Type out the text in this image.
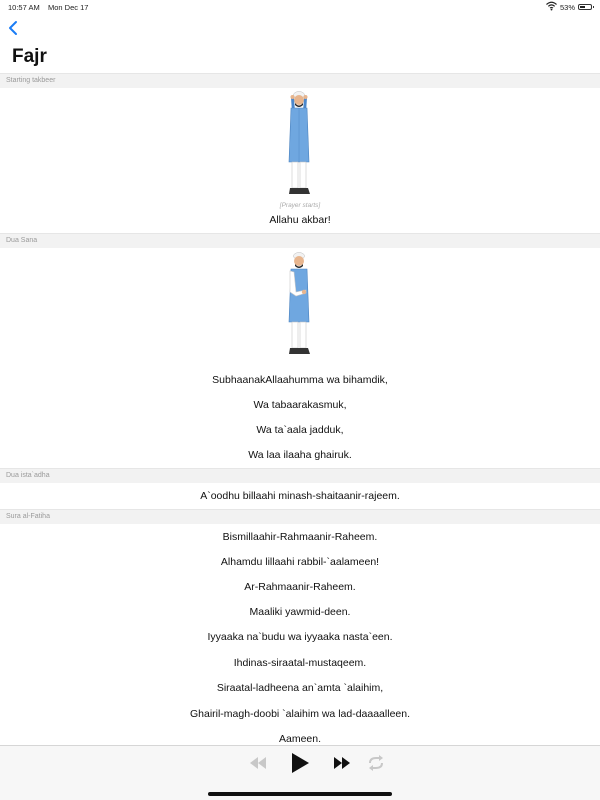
10:57 AM Mon Dec 17	53%
Fajr
Starting takbeer
[Prayer starts]
Allahu akbar!
Dua Sana
SubhaanakAllaahumma wa bihamdik,
Wa tabaarakasmuk,
Wa ta`aala jadduk,
Wa laa ilaaha ghairuk.
Dua ista`adha
A`oodhu billaahi minash-shaitaanir-rajeem.
Sura al-Fatiha
Bismillaahir-Rahmaanir-Raheem.
Alhamdu lillaahi rabbil-`aalameen!
Ar-Rahmaanir-Raheem.
Maaliki yawmid-deen.
Iyyaaka na`budu wa iyyaaka nasta`een.
Ihdinas-siraatal-mustaqeem.
Siraatal-ladheena an`amta `alaihim,
Ghairil-magh-doobi `alaihim wa lad-daaaalleen.
Aameen.
